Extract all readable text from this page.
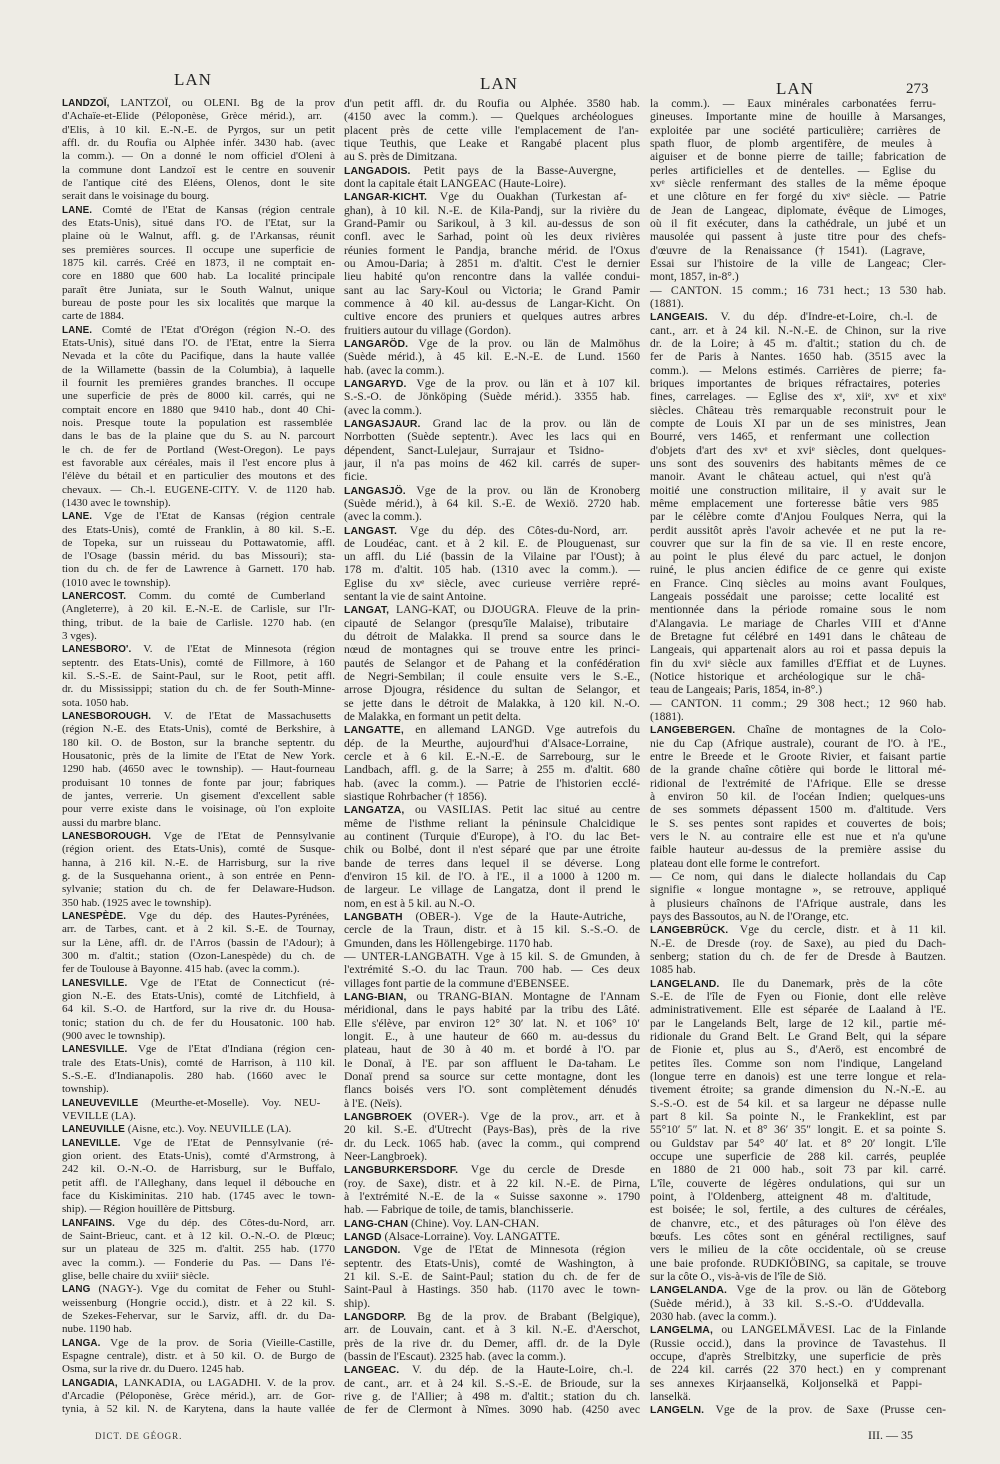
LAN	LAN	LAN	273
LANDZOÏ, LANTZOÏ, ou OLENI. Bg de la prov
d'Achaïe-et-Elide (Péloponèse, Grèce mérid.), arr.
d'Elis, à 10 kil. E.-N.-E. de Pyrgos, sur un petit
affl. dr. du Roufia ou Alphée infér. 3430 hab. (avec
la comm.). — On a donné le nom officiel d'Oleni à
la commune dont Landzoï est le centre en souvenir
de l'antique cité des Eléens, Olenos, dont le site
serait dans le voisinage du bourg.
LANE. Comté de l'Etat de Kansas (région centrale
des Etats-Unis), situé dans l'O. de l'Etat, sur la
plaine où le Walnut, affl. g. de l'Arkansas, réunit
ses premières sources. Il occupe une superficie de
1875 kil. carrés. Créé en 1873, il ne comptait en-
core en 1880 que 600 hab. La localité principale
paraît être Juniata, sur le South Walnut, unique
bureau de poste pour les six localités que marque la
carte de 1884.
LANE. Comté de l'Etat d'Orégon (région N.-O. des
Etats-Unis), situé dans l'O. de l'Etat, entre la Sierra
Nevada et la côte du Pacifique, dans la haute vallée
de la Willamette (bassin de la Columbia), à laquelle
il fournit les premières grandes branches. Il occupe
une superficie de près de 8000 kil. carrés, qui ne
comptait encore en 1880 que 9410 hab., dont 40 Chi-
nois. Presque toute la population est rassemblée
dans le bas de la plaine que du S. au N. parcourt
le ch. de fer de Portland (West-Oregon). Le pays
est favorable aux céréales, mais il l'est encore plus à
l'élève du bétail et en particulier des moutons et des
chevaux. — Ch.-l. EUGENE-CITY. V. de 1120 hab.
(1430 avec le township).
LANE. Vge de l'Etat de Kansas (région centrale
des Etats-Unis), comté de Franklin, à 80 kil. S.-E.
de Topeka, sur un ruisseau du Pottawatomie, affl.
de l'Osage (bassin mérid. du bas Missouri); sta-
tion du ch. de fer de Lawrence à Garnett. 170 hab.
(1010 avec le township).
LANERCOST. Comm. du comté de Cumberland
(Angleterre), à 20 kil. E.-N.-E. de Carlisle, sur l'Ir-
thing, tribut. de la baie de Carlisle. 1270 hab. (en
3 vges).
LANESBORO'. V. de l'Etat de Minnesota (région
septentr. des Etats-Unis), comté de Fillmore, à 160
kil. S.-S.-E. de Saint-Paul, sur le Root, petit affl.
dr. du Mississippi; station du ch. de fer South-Minne-
sota. 1050 hab.
LANESBOROUGH. V. de l'Etat de Massachusetts
(région N.-E. des Etats-Unis), comté de Berkshire, à
180 kil. O. de Boston, sur la branche septentr. du
Housatonic, près de la limite de l'Etat de New York.
1290 hab. (4650 avec le township). — Haut-fourneau
produisant 10 tonnes de fonte par jour; fabriques
de jantes, verrerie. Un gisement d'excellent sable
pour verre existe dans le voisinage, où l'on exploite
aussi du marbre blanc.
LANESBOROUGH. Vge de l'Etat de Pennsylvanie
(région orient. des Etats-Unis), comté de Susque-
hanna, à 216 kil. N.-E. de Harrisburg, sur la rive
g. de la Susquehanna orient., à son entrée en Penn-
sylvanie; station du ch. de fer Delaware-Hudson.
350 hab. (1925 avec le township).
LANESPÈDE. Vge du dép. des Hautes-Pyrénées,
arr. de Tarbes, cant. et à 2 kil. S.-E. de Tournay,
sur la Lène, affl. dr. de l'Arros (bassin de l'Adour); à
300 m. d'altit.; station (Ozon-Lanespède) du ch. de
fer de Toulouse à Bayonne. 415 hab. (avec la comm.).
LANESVILLE. Vge de l'Etat de Connecticut (ré-
gion N.-E. des Etats-Unis), comté de Litchfield, à
64 kil. S.-O. de Hartford, sur la rive dr. du Housa-
tonic; station du ch. de fer du Housatonic. 100 hab.
(900 avec le township).
LANESVILLE. Vge de l'Etat d'Indiana (région cen-
trale des Etats-Unis), comté de Harrison, à 110 kil.
S.-S.-E. d'Indianapolis. 280 hab. (1660 avec le
township).
LANEUVEVILLE (Meurthe-et-Moselle). Voy. NEU-
VEVILLE (LA).
LANEUVILLE (Aisne, etc.). Voy. NEUVILLE (LA).
LANEVILLE. Vge de l'Etat de Pennsylvanie (ré-
gion orient. des Etats-Unis), comté d'Armstrong, à
242 kil. O.-N.-O. de Harrisburg, sur le Buffalo,
petit affl. de l'Alleghany, dans lequel il débouche en
face du Kiskiminitas. 210 hab. (1745 avec le town-
ship). — Région houillère de Pittsburg.
LANFAINS. Vge du dép. des Côtes-du-Nord, arr.
de Saint-Brieuc, cant. et à 12 kil. O.-N.-O. de Plœuc;
sur un plateau de 325 m. d'altit. 255 hab. (1770
avec la comm.). — Fonderie du Pas. — Dans l'é-
glise, belle chaire du xviiiᵉ siècle.
LANG (NAGY-). Vge du comitat de Feher ou Stuhl-
weissenburg (Hongrie occid.), distr. et à 22 kil. S.
de Szekes-Fehervar, sur le Sarviz, affl. dr. du Da-
nube. 1190 hab.
LANGA. Vge de la prov. de Soria (Vieille-Castille,
Espagne centrale), distr. et à 50 kil. O. de Burgo de
Osma, sur la rive dr. du Duero. 1245 hab.
LANGADIA, LANKADIA, ou LAGADHI. V. de la prov.
d'Arcadie (Péloponèse, Grèce mérid.), arr. de Gor-
tynia, à 52 kil. N. de Karytena, dans la haute vallée
d'un petit affl. dr. du Roufia ou Alphée. 3580 hab.
(4150 avec la comm.). — Quelques archéologues
placent près de cette ville l'emplacement de l'an-
tique Teuthis, que Leake et Rangabé placent plus
au S. près de Dimitzana.
LANGADOIS. Petit pays de la Basse-Auvergne,
dont la capitale était LANGEAC (Haute-Loire).
LANGAR-KICHT. Vge du Ouakhan (Turkestan af-
ghan), à 10 kil. N.-E. de Kila-Pandj, sur la rivière du
Grand-Pamir ou Sarikoul, à 3 kil. au-dessus de son
confl. avec le Sarhad, point où les deux rivières
réunies forment le Pandja, branche mérid. de l'Oxus
ou Amou-Daria; à 2851 m. d'altit. C'est le dernier
lieu habité qu'on rencontre dans la vallée condui-
sant au lac Sary-Koul ou Victoria; le Grand Pamir
commence à 40 kil. au-dessus de Langar-Kicht. On
cultive encore des pruniers et quelques autres arbres
fruitiers autour du village (Gordon).
LANGARÖD. Vge de la prov. ou län de Malmöhus
(Suède mérid.), à 45 kil. E.-N.-E. de Lund. 1560
hab. (avec la comm.).
LANGARYD. Vge de la prov. ou län et à 107 kil.
S.-S.-O. de Jönköping (Suède mérid.). 3355 hab.
(avec la comm.).
LANGASJAUR. Grand lac de la prov. ou län de
Norrbotten (Suède septentr.). Avec les lacs qui en
dépendent, Sanct-Lulejaur, Surrajaur et Tsidno-
jaur, il n'a pas moins de 462 kil. carrés de super-
ficie.
LANGASJÖ. Vge de la prov. ou län de Kronoberg
(Suède mérid.), à 64 kil. S.-E. de Wexiö. 2720 hab.
(avec la comm.).
LANGAST. Vge du dép. des Côtes-du-Nord, arr.
de Loudéac, cant. et à 2 kil. E. de Plouguenast, sur
un affl. du Lié (bassin de la Vilaine par l'Oust); à
178 m. d'altit. 105 hab. (1310 avec la comm.). —
Eglise du xvᵉ siècle, avec curieuse verrière repré-
sentant la vie de saint Antoine.
LANGAT, LANG-KAT, ou DJOUGRA. Fleuve de la prin-
cipauté de Selangor (presqu'île Malaise), tributaire
du détroit de Malakka. Il prend sa source dans le
nœud de montagnes qui se trouve entre les princi-
pautés de Selangor et de Pahang et la confédération
de Negri-Sembilan; il coule ensuite vers le S.-E.,
arrose Djougra, résidence du sultan de Selangor, et
se jette dans le détroit de Malakka, à 120 kil. N.-O.
de Malakka, en formant un petit delta.
LANGATTE, en allemand LANGD. Vge autrefois du
dép. de la Meurthe, aujourd'hui d'Alsace-Lorraine,
cercle et à 6 kil. E.-N.-E. de Sarrebourg, sur le
Landbach, affl. g. de la Sarre; à 255 m. d'altit. 680
hab. (avec la comm.). — Patrie de l'historien ecclé-
siastique Rohrbacher († 1856).
LANGATZA, ou VASILIAS. Petit lac situé au centre
même de l'isthme reliant la péninsule Chalcidique
au continent (Turquie d'Europe), à l'O. du lac Bet-
chik ou Bolbé, dont il n'est séparé que par une étroite
bande de terres dans lequel il se déverse. Long
d'environ 15 kil. de l'O. à l'E., il a 1000 à 1200 m.
de largeur. Le village de Langatza, dont il prend le
nom, en est à 5 kil. au N.-O.
LANGBATH (OBER-). Vge de la Haute-Autriche,
cercle de la Traun, distr. et à 15 kil. S.-S.-O. de
Gmunden, dans les Höllengebirge. 1170 hab.
— UNTER-LANGBATH. Vge à 15 kil. S. de Gmunden, à
l'extrémité S.-O. du lac Traun. 700 hab. — Ces deux
villages font partie de la commune d'EBENSEE.
LANG-BIAN, ou TRANG-BIAN. Montagne de l'Annam
méridional, dans le pays habité par la tribu des Lâté.
Elle s'élève, par environ 12° 30′ lat. N. et 106° 10′
longit. E., à une hauteur de 660 m. au-dessus du
plateau, haut de 30 à 40 m. et bordé à l'O. par
le Donaï, à l'E. par son affluent le Da-taham. Le
Donaï prend sa source sur cette montagne, dont les
flancs boisés vers l'O. sont complètement dénudés
à l'E. (Neïs).
LANGBROEK (OVER-). Vge de la prov., arr. et à
20 kil. S.-E. d'Utrecht (Pays-Bas), près de la rive
dr. du Leck. 1065 hab. (avec la comm., qui comprend
Neer-Langbroek).
LANGBURKERSDORF. Vge du cercle de Dresde
(roy. de Saxe), distr. et à 22 kil. N.-E. de Pirna,
à l'extrémité N.-E. de la « Suisse saxonne ». 1790
hab. — Fabrique de toile, de tamis, blanchisserie.
LANG-CHAN (Chine). Voy. LAN-CHAN.
LANGD (Alsace-Lorraine). Voy. LANGATTE.
LANGDON. Vge de l'Etat de Minnesota (région
septentr. des Etats-Unis), comté de Washington, à
21 kil. S.-E. de Saint-Paul; station du ch. de fer de
Saint-Paul à Hastings. 350 hab. (1170 avec le town-
ship).
LANGDORP. Bg de la prov. de Brabant (Belgique),
arr. de Louvain, cant. et à 3 kil. N.-E. d'Aerschot,
près de la rive dr. du Demer, affl. dr. de la Dyle
(bassin de l'Escaut). 2325 hab. (avec la comm.).
LANGEAC. V. du dép. de la Haute-Loire, ch.-l.
de cant., arr. et à 24 kil. S.-S.-E. de Brioude, sur la
rive g. de l'Allier; à 498 m. d'altit.; station du ch.
de fer de Clermont à Nîmes. 3090 hab. (4250 avec
la comm.). — Eaux minérales carbonatées ferru-
gineuses. Importante mine de houille à Marsanges,
exploitée par une société particulière; carrières de
spath fluor, de plomb argentifère, de meules à
aiguiser et de bonne pierre de taille; fabrication de
perles artificielles et de dentelles. — Eglise du
xvᵉ siècle renfermant des stalles de la même époque
et une clôture en fer forgé du xivᵉ siècle. — Patrie
de Jean de Langeac, diplomate, évêque de Limoges,
où il fit exécuter, dans la cathédrale, un jubé et un
mausolée qui passent à juste titre pour des chefs-
d'œuvre de la Renaissance († 1541). (Lagrave,
Essai sur l'histoire de la ville de Langeac; Cler-
mont, 1857, in-8°.)
— CANTON. 15 comm.; 16 731 hect.; 13 530 hab.
(1881).
LANGEAIS. V. du dép. d'Indre-et-Loire, ch.-l. de
cant., arr. et à 24 kil. N.-N.-E. de Chinon, sur la rive
dr. de la Loire; à 45 m. d'altit.; station du ch. de
fer de Paris à Nantes. 1650 hab. (3515 avec la
comm.). — Melons estimés. Carrières de pierre; fa-
briques importantes de briques réfractaires, poteries
fines, carrelages. — Eglise des xᵉ, xiiᵉ, xvᵉ et xixᵉ
siècles. Château très remarquable reconstruit pour le
compte de Louis XI par un de ses ministres, Jean
Bourré, vers 1465, et renfermant une collection
d'objets d'art des xvᵉ et xviᵉ siècles, dont quelques-
uns sont des souvenirs des habitants mêmes de ce
manoir. Avant le château actuel, qui n'est qu'à
moitié une construction militaire, il y avait sur le
même emplacement une forteresse bâtie vers 985
par le célèbre comte d'Anjou Foulques Nerra, qui la
perdit aussitôt après l'avoir achevée et ne put la re-
couvrer que sur la fin de sa vie. Il en reste encore,
au point le plus élevé du parc actuel, le donjon
ruiné, le plus ancien édifice de ce genre qui existe
en France. Cinq siècles au moins avant Foulques,
Langeais possédait une paroisse; cette localité est
mentionnée dans la période romaine sous le nom
d'Alangavia. Le mariage de Charles VIII et d'Anne
de Bretagne fut célébré en 1491 dans le château de
Langeais, qui appartenait alors au roi et passa depuis la
fin du xviᵉ siècle aux familles d'Effiat et de Luynes.
(Notice historique et archéologique sur le châ-
teau de Langeais; Paris, 1854, in-8°.)
— CANTON. 11 comm.; 29 308 hect.; 12 960 hab.
(1881).
LANGEBERGEN. Chaîne de montagnes de la Colo-
nie du Cap (Afrique australe), courant de l'O. à l'E.,
entre le Breede et le Groote Rivier, et faisant partie
de la grande chaîne côtière qui borde le littoral mé-
ridional de l'extrémité de l'Afrique. Elle se dresse
à environ 50 kil. de l'océan Indien; quelques-uns
de ses sommets dépassent 1500 m. d'altitude. Vers
le S. ses pentes sont rapides et couvertes de bois;
vers le N. au contraire elle est nue et n'a qu'une
faible hauteur au-dessus de la première assise du
plateau dont elle forme le contrefort.
— Ce nom, qui dans le dialecte hollandais du Cap
signifie « longue montagne », se retrouve, appliqué
à plusieurs chaînons de l'Afrique australe, dans les
pays des Bassoutos, au N. de l'Orange, etc.
LANGEBRÜCK. Vge du cercle, distr. et à 11 kil.
N.-E. de Dresde (roy. de Saxe), au pied du Dach-
senberg; station du ch. de fer de Dresde à Bautzen.
1085 hab.
LANGELAND. Ile du Danemark, près de la côte
S.-E. de l'île de Fyen ou Fionie, dont elle relève
administrativement. Elle est séparée de Laaland à l'E.
par le Langelands Belt, large de 12 kil., partie mé-
ridionale du Grand Belt. Le Grand Belt, qui la sépare
de Fionie et, plus au S., d'Aerö, est encombré de
petites îles. Comme son nom l'indique, Langeland
(longue terre en danois) est une terre longue et rela-
tivement étroite; sa grande dimension du N.-N.-E. au
S.-S.-O. est de 54 kil. et sa largeur ne dépasse nulle
part 8 kil. Sa pointe N., le Frankeklint, est par
55°10′ 5″ lat. N. et 8° 36′ 35″ longit. E. et sa pointe S.
ou Guldstav par 54° 40′ lat. et 8° 20′ longit. L'île
occupe une superficie de 288 kil. carrés, peuplée
en 1880 de 21 000 hab., soit 73 par kil. carré.
L'île, couverte de légères ondulations, qui sur un
point, à l'Oldenberg, atteignent 48 m. d'altitude,
est boisée; le sol, fertile, a des cultures de céréales,
de chanvre, etc., et des pâturages où l'on élève des
bœufs. Les côtes sont en général rectilignes, sauf
vers le milieu de la côte occidentale, où se creuse
une baie profonde. RUDKIÖBING, sa capitale, se trouve
sur la côte O., vis-à-vis de l'île de Siö.
LANGELANDA. Vge de la prov. ou län de Göteborg
(Suède mérid.), à 33 kil. S.-S.-O. d'Uddevalla.
2030 hab. (avec la comm.).
LANGELMA, ou LANGELMÄVESI. Lac de la Finlande
(Russie occid.), dans la province de Tavastehus. Il
occupe, d'après Strelbitzky, une superficie de près
de 224 kil. carrés (22 370 hect.) en y comprenant
ses annexes Kirjaanselkä, Koljonselkä et Pappi-
lanselkä.
LANGELN. Vge de la prov. de Saxe (Prusse cen-
DICT. DE GÉOGR.	III. — 35
